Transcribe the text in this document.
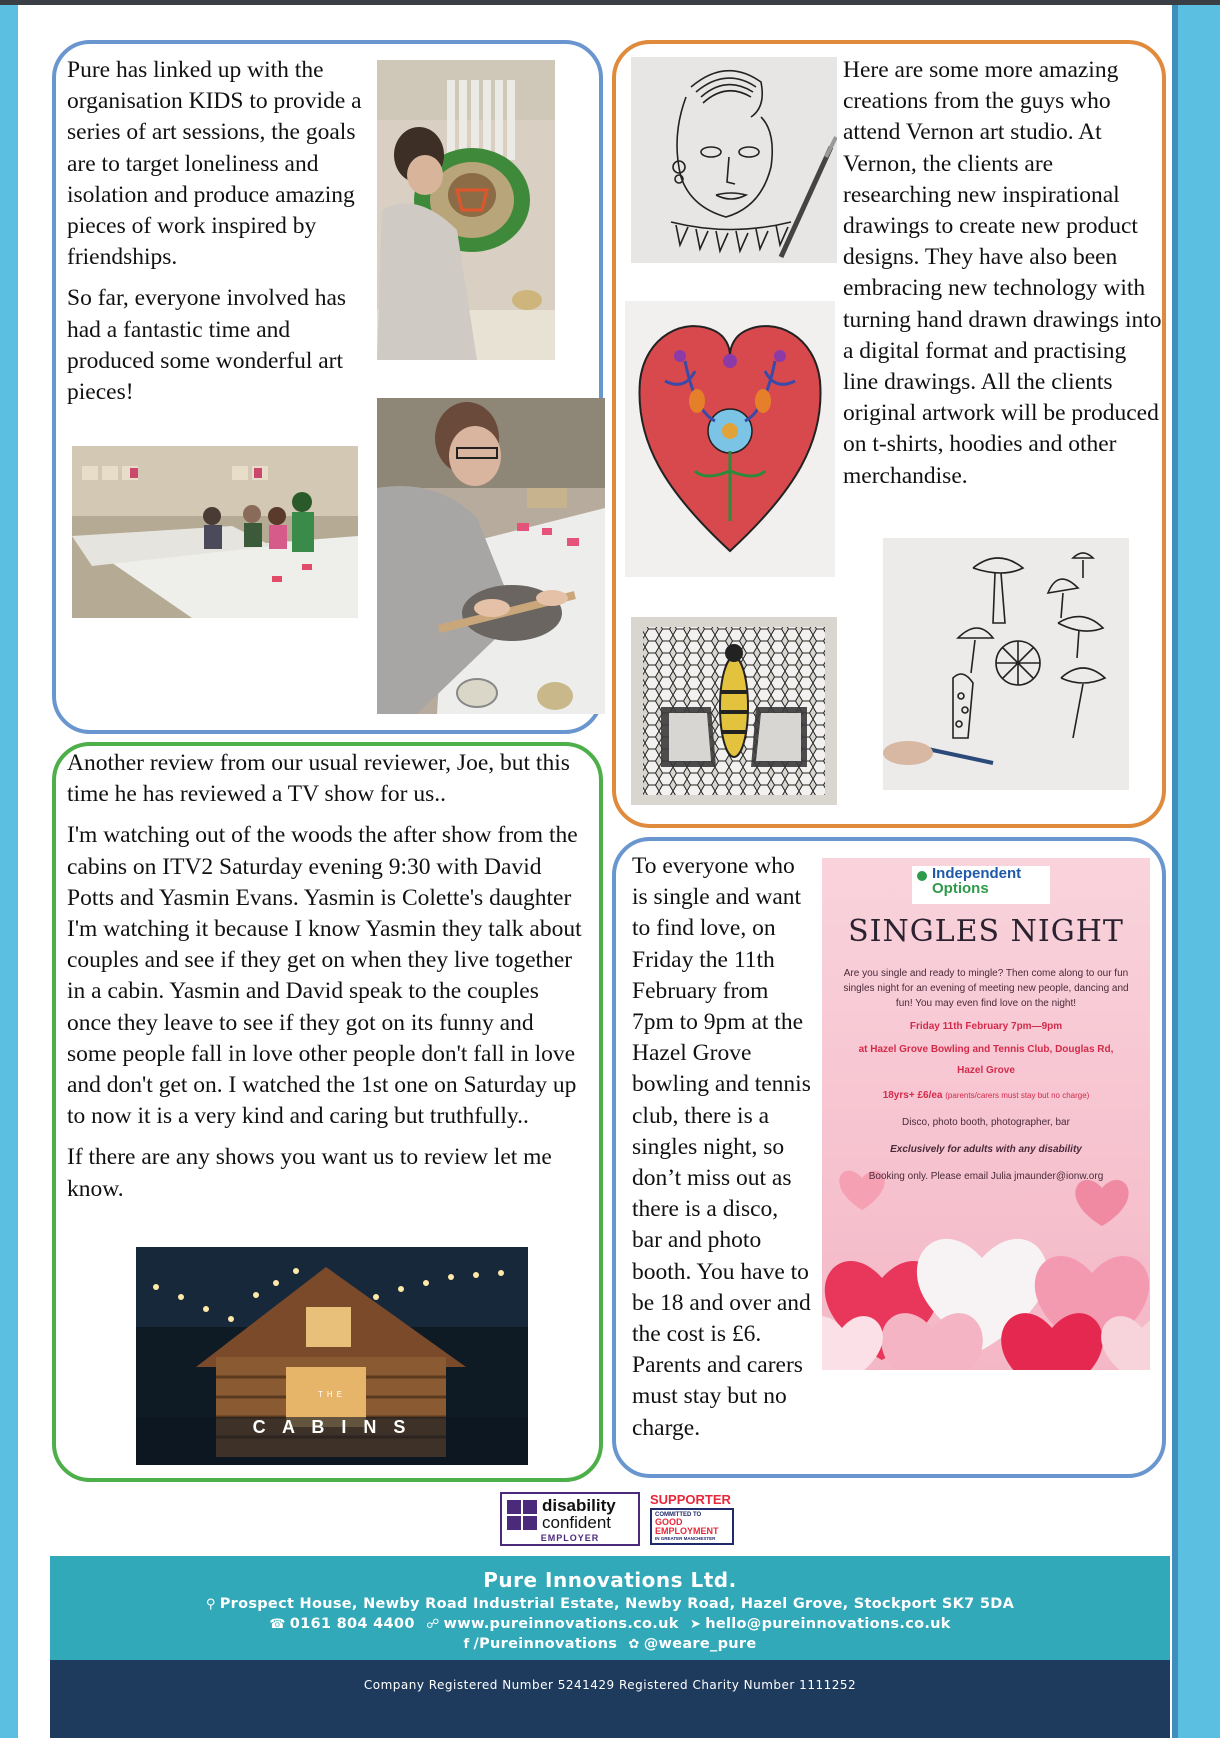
Pure has linked up with the organisation KIDS to provide a series of art sessions, the goals are to target loneliness and isolation and produce amazing pieces of work inspired by friendships.

So far, everyone involved has had a fantastic time and produced some wonderful art pieces!

Here are some more amazing creations from the guys who attend Vernon art studio. At Vernon, the clients are researching new inspirational drawings to create new product designs. They have also been embracing new technology with turning hand drawn drawings into a digital format and practising line drawings. All the clients original artwork will be produced on t-shirts, hoodies and other merchandise.

Another review from our usual reviewer, Joe, but this time he has reviewed a TV show for us..

I'm watching out of the woods the after show from the cabins on ITV2 Saturday evening 9:30 with David Potts and Yasmin Evans. Yasmin is Colette's daughter I'm watching it because I know Yasmin they talk about couples and see if they get on when they live together in a cabin. Yasmin and David speak to the couples once they leave to see if they got on its funny and some people fall in love other people don't fall in love and don't get on. I watched the 1st one on Saturday up to now it is a very kind and caring but truthfully..

If there are any shows you want us to review let me know.

THE
C A B I N S

To everyone who is single and want to find love, on Friday the 11th February from 7pm to 9pm at the Hazel Grove bowling and tennis club, there is a singles night, so don’t miss out as there is a disco, bar and photo booth. You have to be 18 and over and the cost is £6. Parents and carers must stay but no charge.

Independent
Options
SINGLES NIGHT
Are you single and ready to mingle? Then come along to our fun singles night for an evening of meeting new people, dancing and fun! You may even find love on the night!
Friday 11th February 7pm—9pm
at Hazel Grove Bowling and Tennis Club, Douglas Rd,
Hazel Grove
18yrs+ £6/ea (parents/carers must stay but no charge)
Disco, photo booth, photographer, bar
Exclusively for adults with any disability
Booking only. Please email Julia jmaunder@ionw.org
disability
confident
EMPLOYER
SUPPORTER
COMMITTED TO
GOOD
EMPLOYMENT
IN GREATER MANCHESTER
Pure Innovations Ltd.
⚲ Prospect House, Newby Road Industrial Estate, Newby Road, Hazel Grove, Stockport SK7 5DA
☎ 0161 804 4400 ☍ www.pureinnovations.co.uk ➤ hello@pureinnovations.co.uk
f /Pureinnovations ✿ @weare_pure
Company Registered Number 5241429 Registered Charity Number 1111252
